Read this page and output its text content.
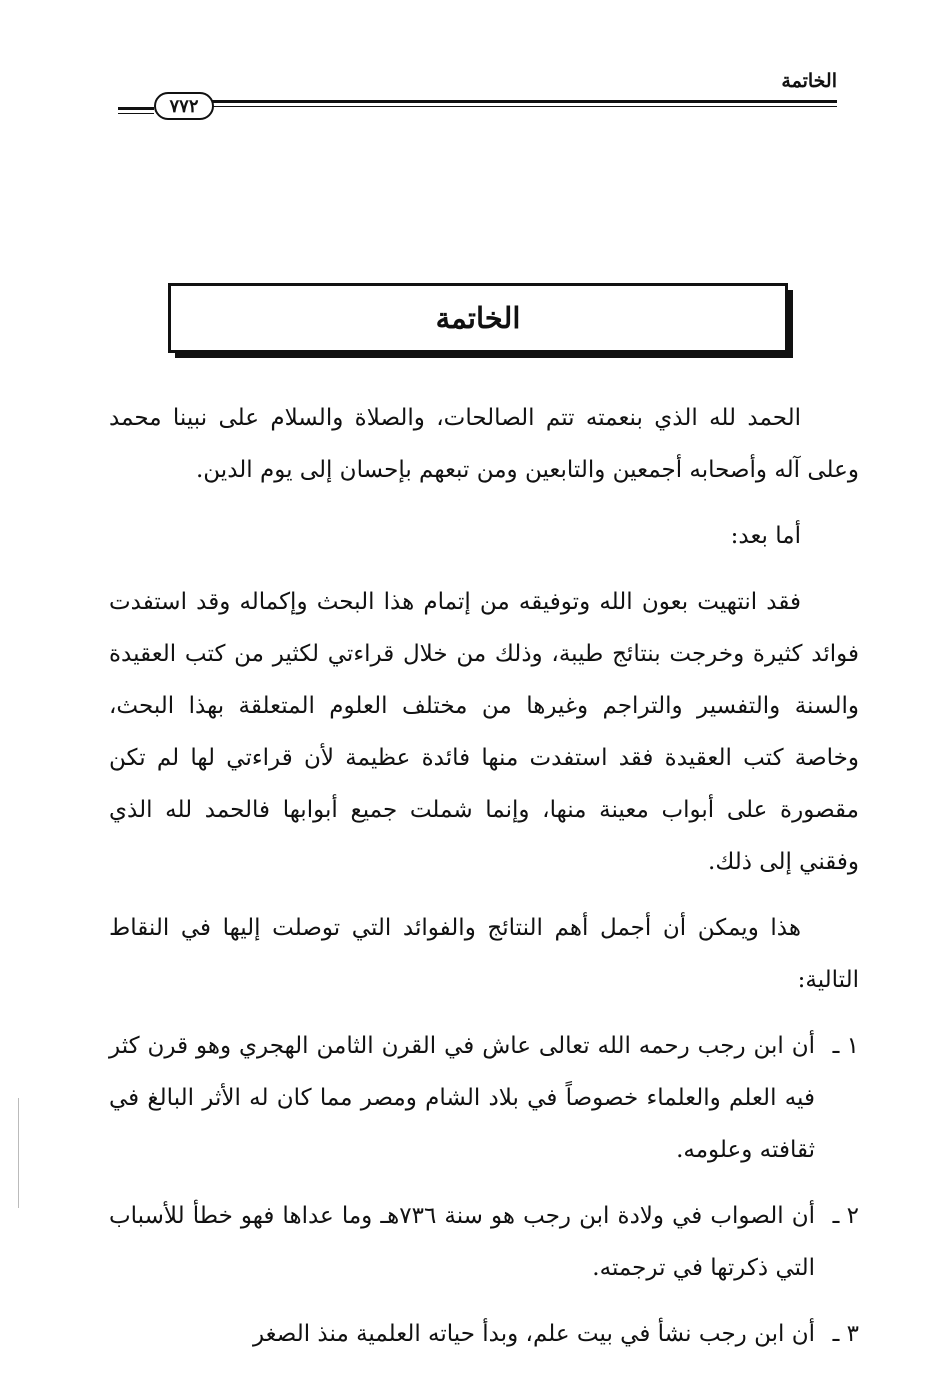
الخاتمة
٧٧٢
الخاتمة

الحمد لله الذي بنعمته تتم الصالحات، والصلاة والسلام على نبينا محمد وعلى آله وأصحابه أجمعين والتابعين ومن تبعهم بإحسان إلى يوم الدين.

أما بعد:

فقد انتهيت بعون الله وتوفيقه من إتمام هذا البحث وإكماله وقد استفدت فوائد كثيرة وخرجت بنتائج طيبة، وذلك من خلال قراءتي لكثير من كتب العقيدة والسنة والتفسير والتراجم وغيرها من مختلف العلوم المتعلقة بهذا البحث، وخاصة كتب العقيدة فقد استفدت منها فائدة عظيمة لأن قراءتي لها لم تكن مقصورة على أبواب معينة منها، وإنما شملت جميع أبوابها فالحمد لله الذي وفقني إلى ذلك.

هذا ويمكن أن أجمل أهم النتائج والفوائد التي توصلت إليها في النقاط التالية:

١ ـ
أن ابن رجب رحمه الله تعالى عاش في القرن الثامن الهجري وهو قرن كثر فيه العلم والعلماء خصوصاً في بلاد الشام ومصر مما كان له الأثر البالغ في ثقافته وعلومه.
٢ ـ
أن الصواب في ولادة ابن رجب هو سنة ٧٣٦هـ وما عداها فهو خطأ للأسباب التي ذكرتها في ترجمته.
٣ ـ
أن ابن رجب نشأ في بيت علم، وبدأ حياته العلمية منذ الصغر
